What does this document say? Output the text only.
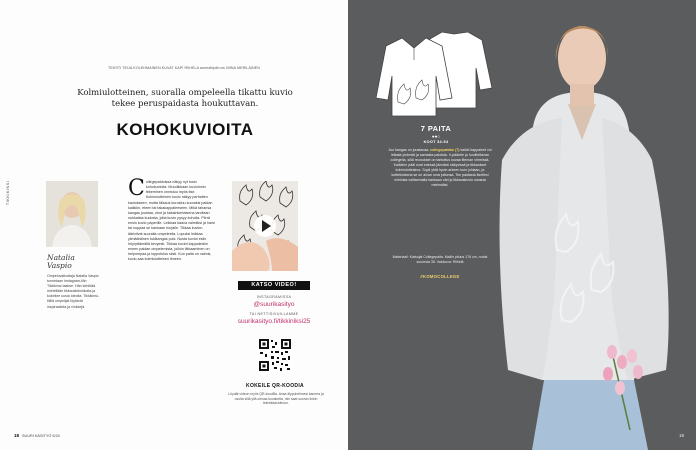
TEKSTI TEIJA KOLEHMAINEN KUVAT KAPI RIIHELA ammattipiiirros NIINA MERILÄINEN
Kolmiulotteinen, suoralla ompeleella tikattu kuvio tekee peruspaidasta houkuttavan.
KOHOKUVIOITA
TIKKIKINSI
Natalia
Vaspio
Ompeluvaikuttaja Natalia Vaspio tunnetaan Instagram-tilin Tikkikinsi taakse. Hän kehittää mielellään tikkaustekniikoita ja kokeilee uusia ideoita. Tikkikinsi-tilillä ompelijat löytävät inspiraatiota ja vinkkejä.
Collegepaidoissa näkyy nyt tosin kohokuvioita. Muodikkaan kuvioinnin tekeminen onnistuu myös itse. Kolmiulotteinen kuvio näkyy parhaiten kaulukseen, mutta tikkaus korostuu suoraksi paidan kaikkiin, eteen tai takakappaleeseen. Mikä tahansa kangas joustaa, ohut ja kaksinkertaisena tarvitaan nukkaista kudosta, jotta kuvio pysyy koholla. Piirrä ensin kuvio paperille. Leikkaa kaava valmiiksi ja harsi tai nuppaa se kankaan nurjalle. Tikkaa kuvion ääriviivat suoralla ompeleella. Lopuksi leikkaa ylimääräinen tukikangas pois. Nosta kuviot esiin höyryttämällä kevyesti. Tikkaa kuviot kappaleisiin ennen paidan ompelemista, jolloin tikkaaminen on helpompaa ja lopputulos siisti. Kun paita on valmis, kuvio saa kolmiulotteisen ilmeen.
KATSO VIDEO!
INSTAGRAMISSA
@suurikasityo
TAI NETTISIVUILLAMME
suurikasityo.fi/tikkiniksi25
KOKEILE QR-KOODIA
Löydät videon myös QR-koodilla. Avaa älypuhelimesi kamera ja osoita sillä yllä olevaa kuvaketta, niin saat suoran linkin tekniikkavideoon.
18 SUURI KÄSITYÖ 5/24
7 PAITA
●●○
KOOT 34-54
Joo kangas on joustavaa, collegepaidan (7) kaikki kappaleet voi leikata yhdestä ja samasta paloista. V-pääntie ja huoliteltavan collegella, sillä reunukset on tarkoitus kovaa fileman vihreissä. Kaikkien pääl ovat edessä jännästi näkyvissä ja tikkaukset kolmiulotteisina. Sopii yhtä hyvin arkeen kuin juhlaan, ja kotitekoisena se on aivan oma juttunsa. Tee paidasta itsellesi mieluisa valitsemalla kankaan väri ja tikkauskuvio omasta mielestäsi.
Materiaali: Katsojat Collegepaita. Mallin pituus 176 cm, roolat suuresta 38. Valokuva: Riihelä
#KOMOCOLLEGE
19
